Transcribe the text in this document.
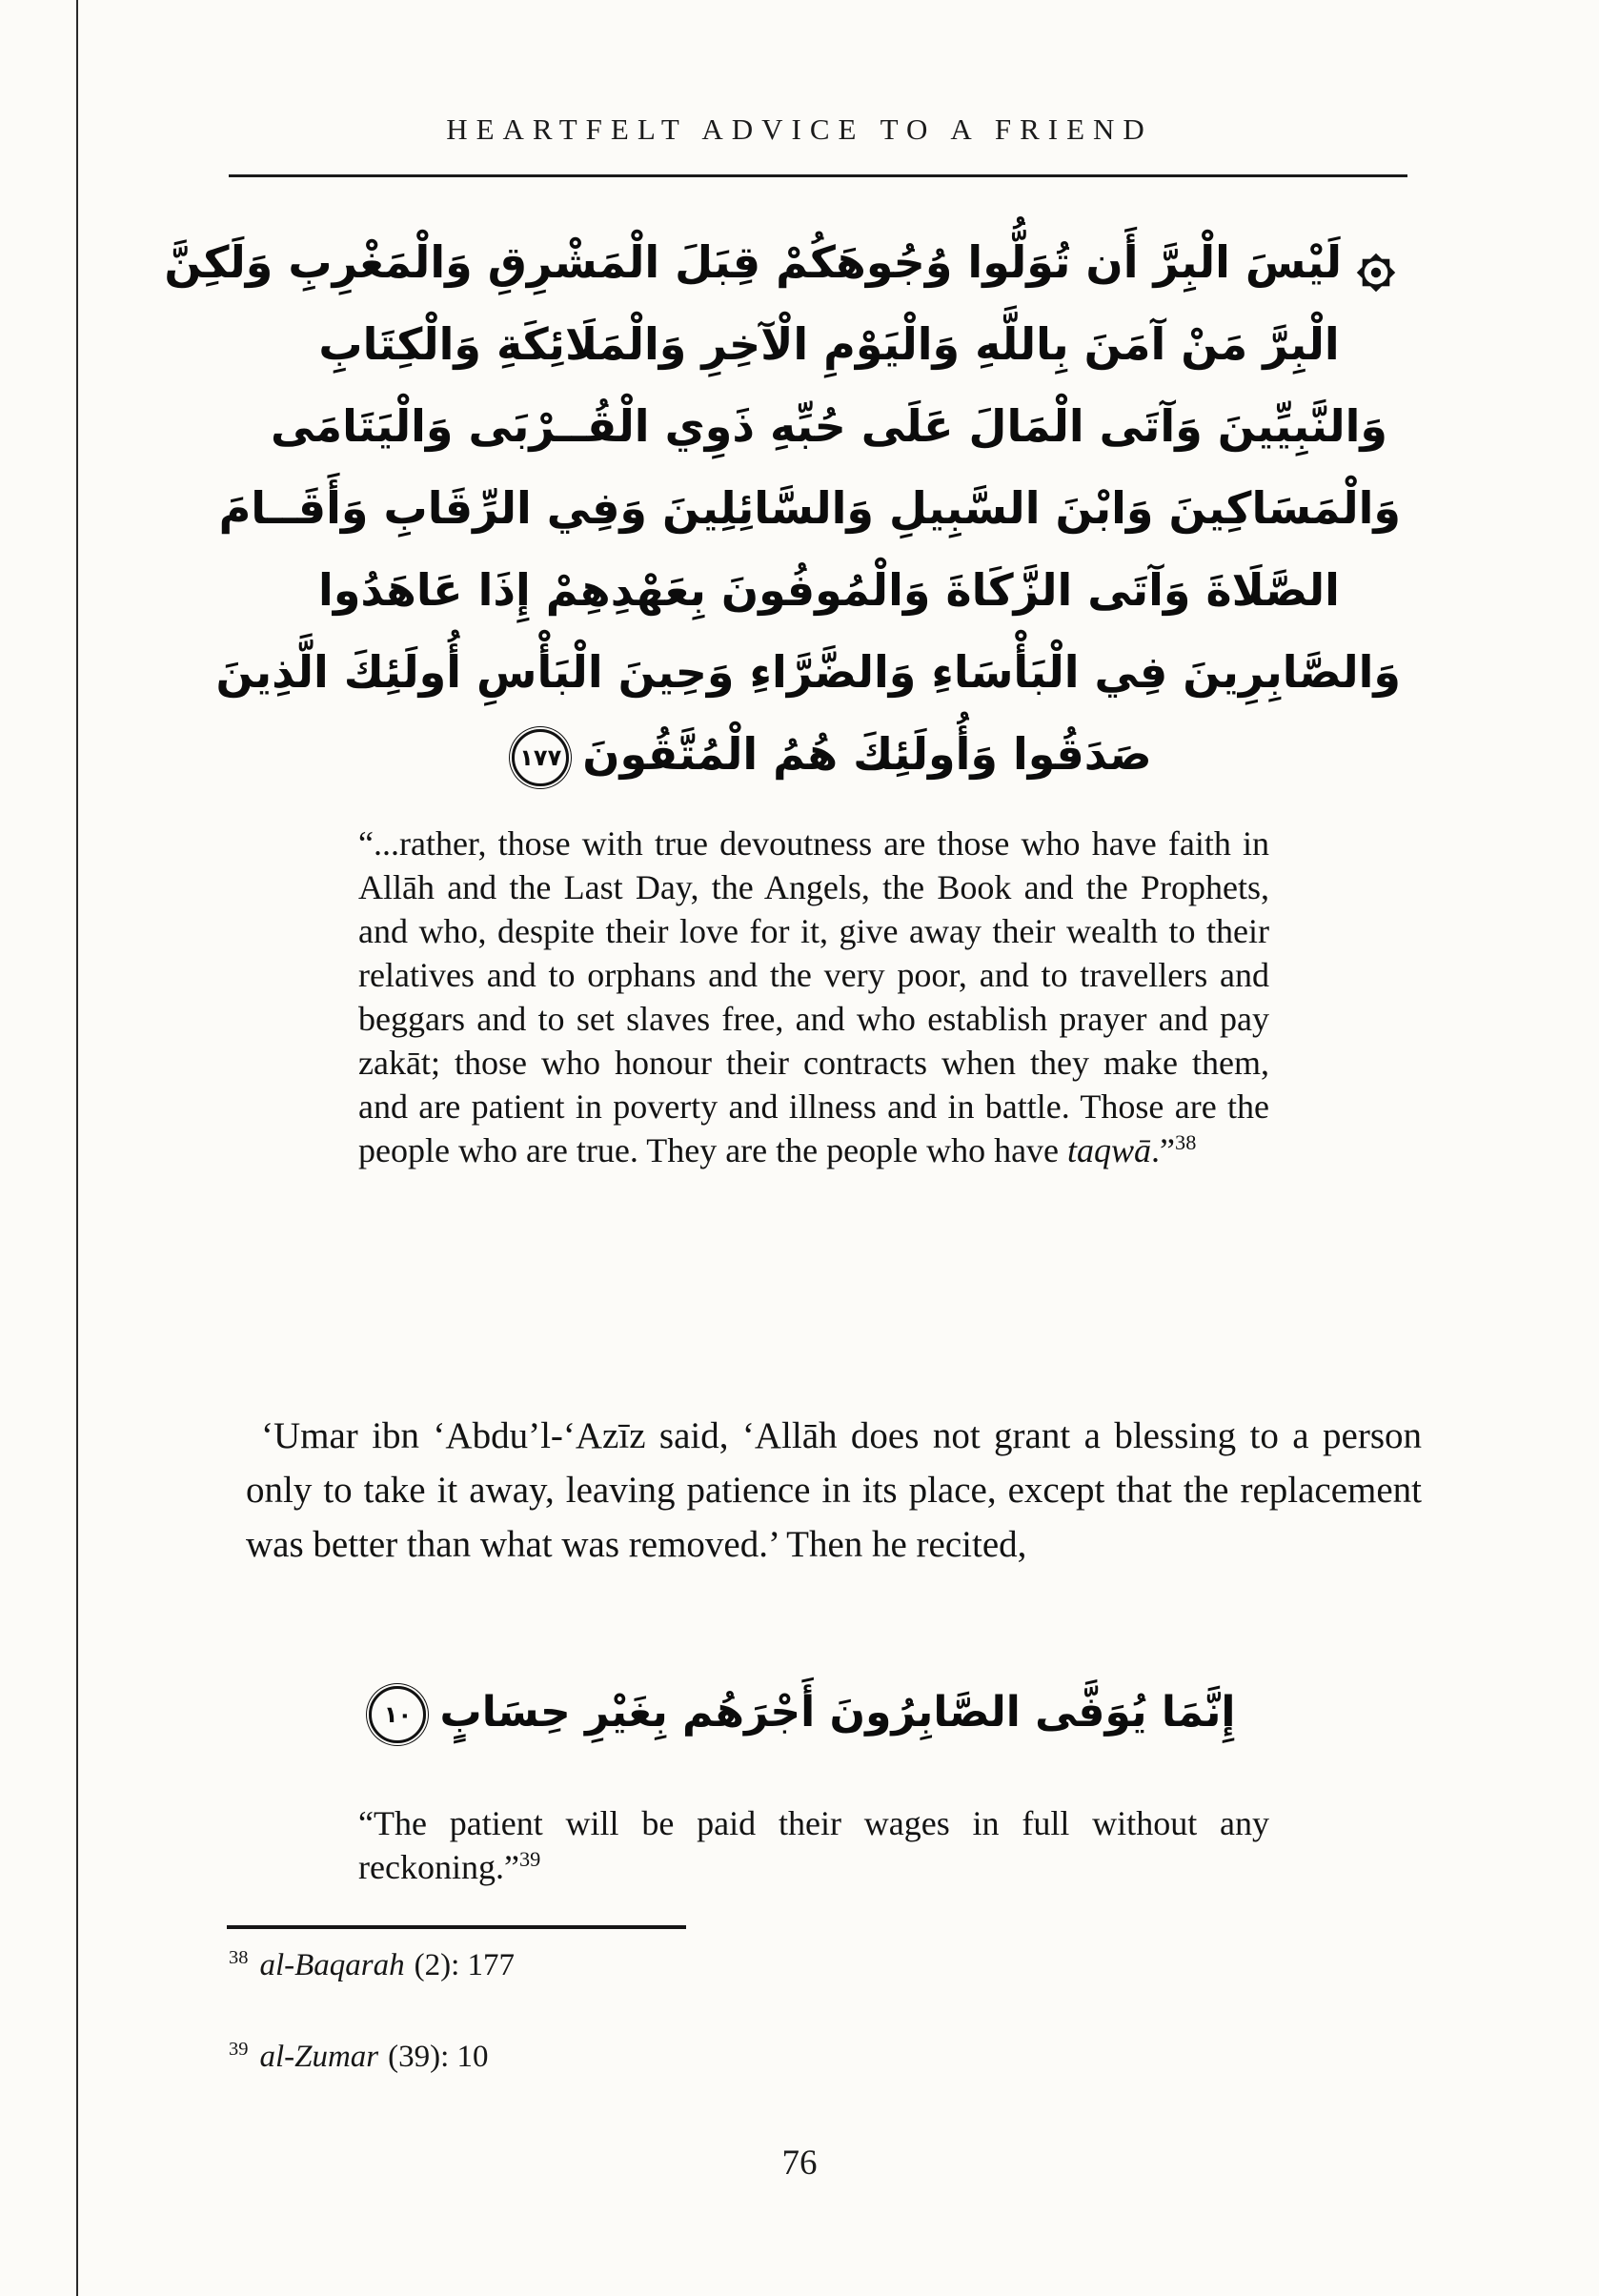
HEARTFELT ADVICE TO A FRIEND
لَيْسَ الْبِرَّ أَن تُوَلُّوا وُجُوهَكُمْ قِبَلَ الْمَشْرِقِ وَالْمَغْرِبِ وَلَكِنَّ
الْبِرَّ مَنْ آمَنَ بِاللَّهِ وَالْيَوْمِ الْآخِرِ وَالْمَلَائِكَةِ وَالْكِتَابِ
وَالنَّبِيِّينَ وَآتَى الْمَالَ عَلَى حُبِّهِ ذَوِي الْقُــرْبَى وَالْيَتَامَى
وَالْمَسَاكِينَ وَابْنَ السَّبِيلِ وَالسَّائِلِينَ وَفِي الرِّقَابِ وَأَقَــامَ
الصَّلَاةَ وَآتَى الزَّكَاةَ وَالْمُوفُونَ بِعَهْدِهِمْ إِذَا عَاهَدُوا
وَالصَّابِرِينَ فِي الْبَأْسَاءِ وَالضَّرَّاءِ وَحِينَ الْبَأْسِ أُولَئِكَ الَّذِينَ
صَدَقُوا وَأُولَئِكَ هُمُ الْمُتَّقُونَ١٧٧
“...rather, those with true devoutness are those who have faith in Allāh and the Last Day, the Angels, the Book and the Prophets, and who, despite their love for it, give away their wealth to their relatives and to orphans and the very poor, and to travellers and beggars and to set slaves free, and who establish prayer and pay zakāt; those who honour their contracts when they make them, and are patient in poverty and illness and in battle. Those are the people who are true. They are the people who have taqwā.”$^{38}$
‘Umar ibn ‘Abdu’l-‘Azīz said, ‘Allāh does not grant a blessing to a person only to take it away, leaving patience in its place, except that the replacement was better than what was removed.’ Then he recited,
إِنَّمَا يُوَفَّى الصَّابِرُونَ أَجْرَهُم بِغَيْرِ حِسَابٍ١٠
“The patient will be paid their wages in full without any reckoning.”$^{39}$
$^{38}$ al-Baqarah (2): 177
$^{39}$ al-Zumar (39): 10
76
